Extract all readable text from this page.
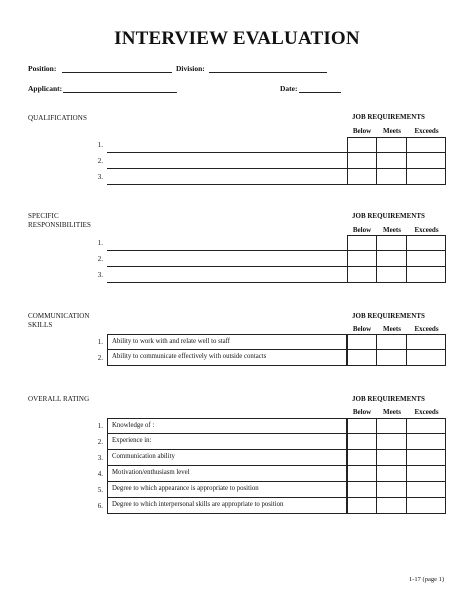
INTERVIEW EVALUATION
Position:	Division:
Applicant:	Date:
QUALIFICATIONS	JOB REQUIREMENTS
Below	Meets	Exceeds
1.
2.
3.
SPECIFIC RESPONSIBILITIES
JOB REQUIREMENTS
Below	Meets	Exceeds
1.
2.
3.
COMMUNICATION SKILLS
JOB REQUIREMENTS
Below	Meets	Exceeds
1.	Ability to work with and relate well to staff
2.	Ability to communicate effectively with outside contacts
OVERALL RATING	JOB REQUIREMENTS
Below	Meets	Exceeds
1.	Knowledge of :
2.	Experience in:
3.	Communication ability
4.	Motivation/enthusiasm level
5.	Degree to which appearance is appropriate to position
6.	Degree to which interpersonal skills are appropriate to position
1-17 (page 1)
